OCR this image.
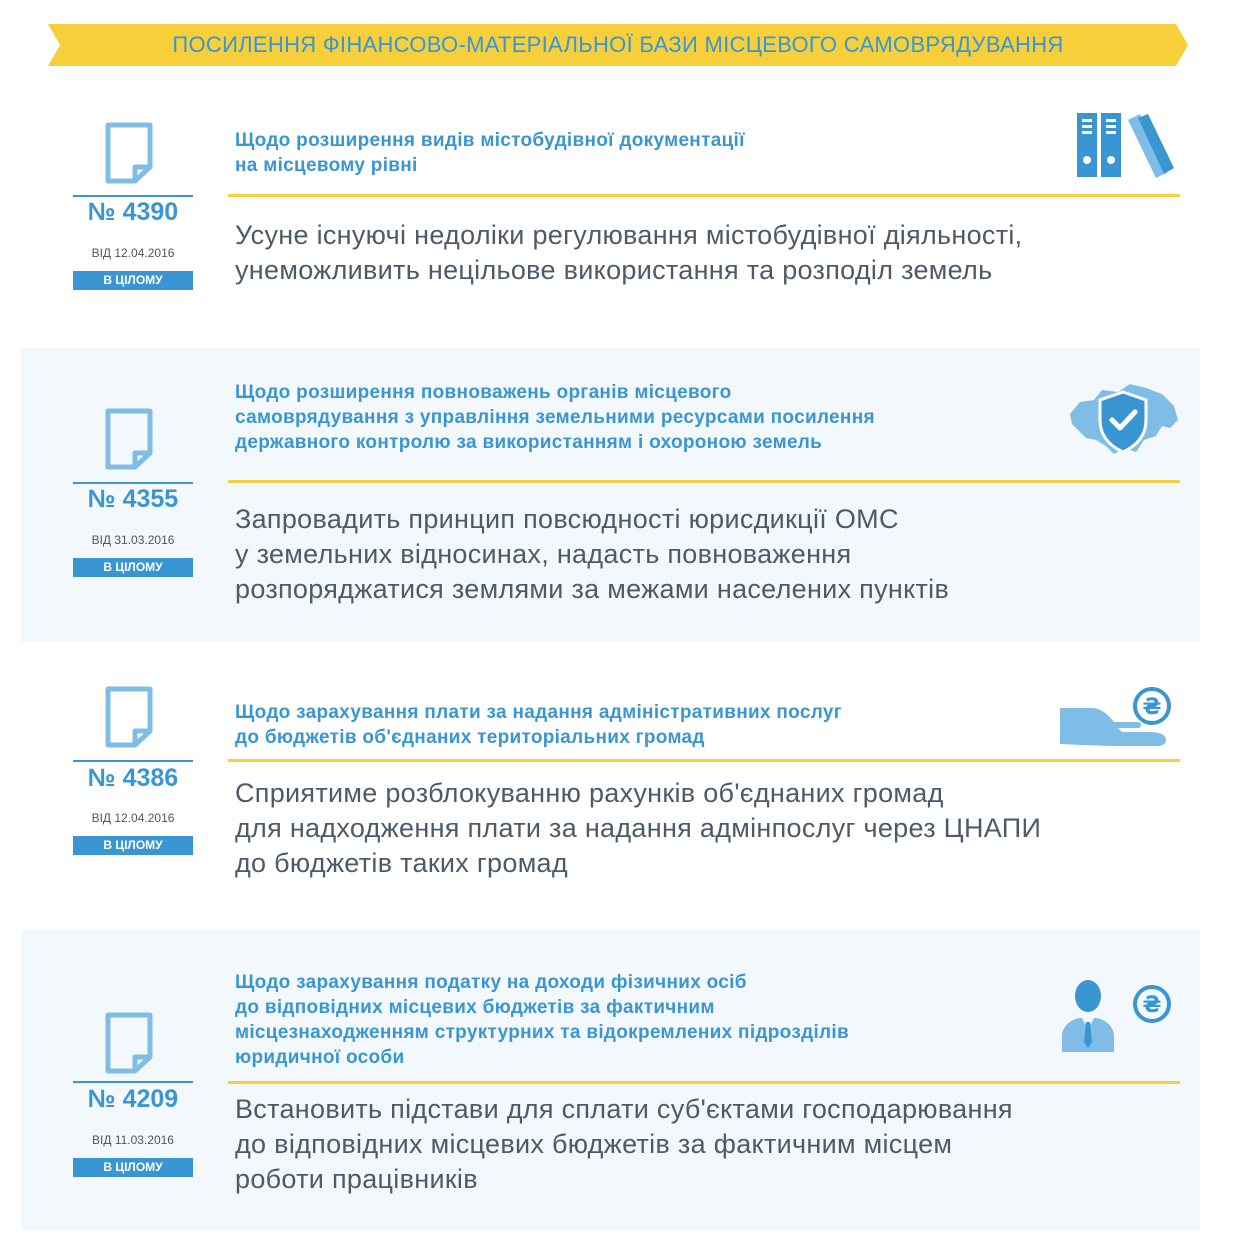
ПОСИЛЕННЯ ФІНАНСОВО-МАТЕРІАЛЬНОЇ БАЗИ МІСЦЕВОГО САМОВРЯДУВАННЯ
№ 4390
ВІД 12.04.2016
В ЦІЛОМУ
Щодо розширення видів містобудівної документації
на місцевому рівні
Усуне існуючі недоліки регулювання містобудівної діяльності,
унеможливить нецільове використання та розподіл земель
№ 4355
ВІД 31.03.2016
В ЦІЛОМУ
Щодо розширення повноважень органів місцевого
самоврядування з управління земельними ресурсами посилення
державного контролю за використанням і охороною земель
Запровадить принцип повсюдності юрисдикції ОМС
у земельних відносинах, надасть повноваження
розпоряджатися землями за межами населених пунктів
№ 4386
ВІД 12.04.2016
В ЦІЛОМУ
Щодо зарахування плати за надання адміністративних послуг
до бюджетів об'єднаних територіальних громад
₴
Сприятиме розблокуванню рахунків об'єднаних громад
для надходження плати за надання адмінпослуг через ЦНАПИ
до бюджетів таких громад
№ 4209
ВІД 11.03.2016
В ЦІЛОМУ
Щодо зарахування податку на доходи фізичних осіб
до відповідних місцевих бюджетів за фактичним
місцезнаходженням структурних та відокремлених підрозділів
юридичної особи
₴
Встановить підстави для сплати суб'єктами господарювання
до відповідних місцевих бюджетів за фактичним місцем
роботи працівників
